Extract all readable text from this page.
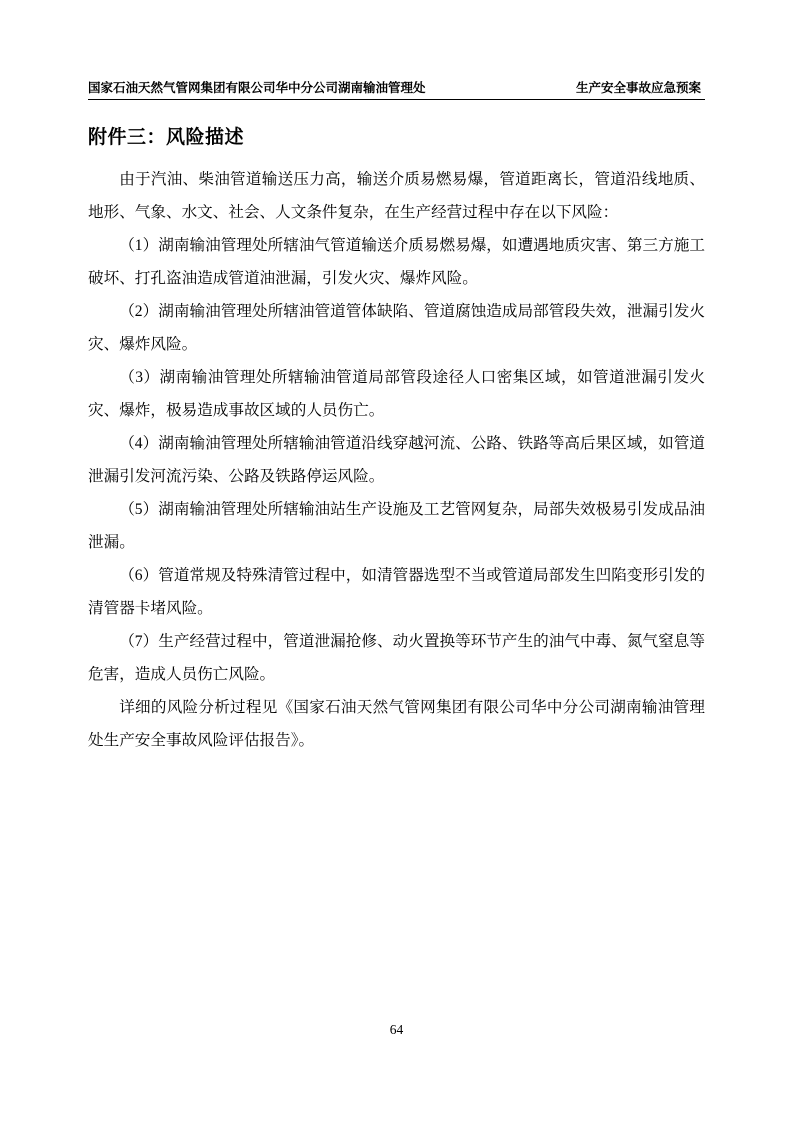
国家石油天然气管网集团有限公司华中分公司湖南输油管理处	生产安全事故应急预案
附件三：风险描述

由于汽油、柴油管道输送压力高，输送介质易燃易爆，管道距离长，管道沿线地质、地形、气象、水文、社会、人文条件复杂，在生产经营过程中存在以下风险：

（1）湖南输油管理处所辖油气管道输送介质易燃易爆，如遭遇地质灾害、第三方施工破坏、打孔盗油造成管道油泄漏，引发火灾、爆炸风险。

（2）湖南输油管理处所辖油管道管体缺陷、管道腐蚀造成局部管段失效，泄漏引发火灾、爆炸风险。

（3）湖南输油管理处所辖输油管道局部管段途径人口密集区域，如管道泄漏引发火灾、爆炸，极易造成事故区域的人员伤亡。

（4）湖南输油管理处所辖输油管道沿线穿越河流、公路、铁路等高后果区域，如管道泄漏引发河流污染、公路及铁路停运风险。

（5）湖南输油管理处所辖输油站生产设施及工艺管网复杂，局部失效极易引发成品油泄漏。

（6）管道常规及特殊清管过程中，如清管器选型不当或管道局部发生凹陷变形引发的清管器卡堵风险。

（7）生产经营过程中，管道泄漏抢修、动火置换等环节产生的油气中毒、氮气窒息等危害，造成人员伤亡风险。

详细的风险分析过程见《国家石油天然气管网集团有限公司华中分公司湖南输油管理处生产安全事故风险评估报告》。

64
